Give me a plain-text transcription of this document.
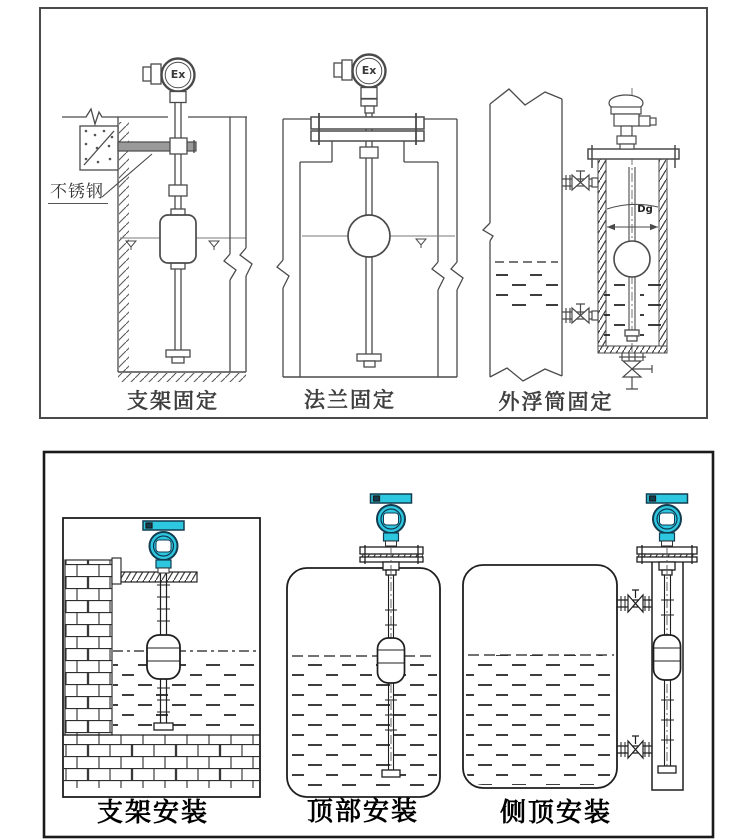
Ex	Ex
不锈钢
Dg
支架固定	法兰固定	外浮筒固定
支架安装	顶部安装	侧顶安装
